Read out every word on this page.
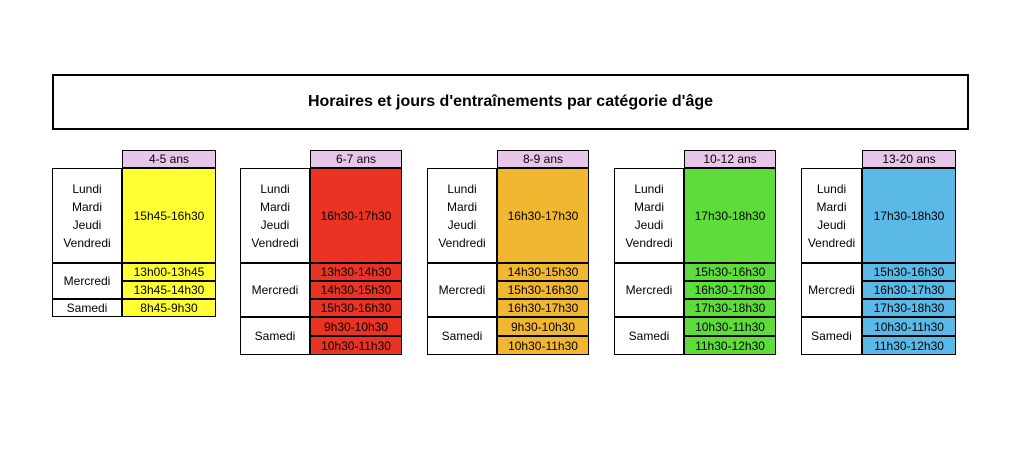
Horaires et jours d'entraînements par catégorie d'âge
4-5 ans
Lundi
Mardi
Jeudi
Vendredi
15h45-16h30
Mercredi
13h00-13h45
13h45-14h30
Samedi	8h45-9h30
6-7 ans
Lundi
Mardi
Jeudi
Vendredi
16h30-17h30
Mercredi
13h30-14h30
14h30-15h30
15h30-16h30
Samedi
9h30-10h30
10h30-11h30
8-9 ans
Lundi
Mardi
Jeudi
Vendredi
16h30-17h30
Mercredi
14h30-15h30
15h30-16h30
16h30-17h30
Samedi
9h30-10h30
10h30-11h30
10-12 ans
Lundi
Mardi
Jeudi
Vendredi
17h30-18h30
Mercredi
15h30-16h30
16h30-17h30
17h30-18h30
Samedi
10h30-11h30
11h30-12h30
13-20 ans
Lundi
Mardi
Jeudi
Vendredi
17h30-18h30
Mercredi
15h30-16h30
16h30-17h30
17h30-18h30
Samedi
10h30-11h30
11h30-12h30
